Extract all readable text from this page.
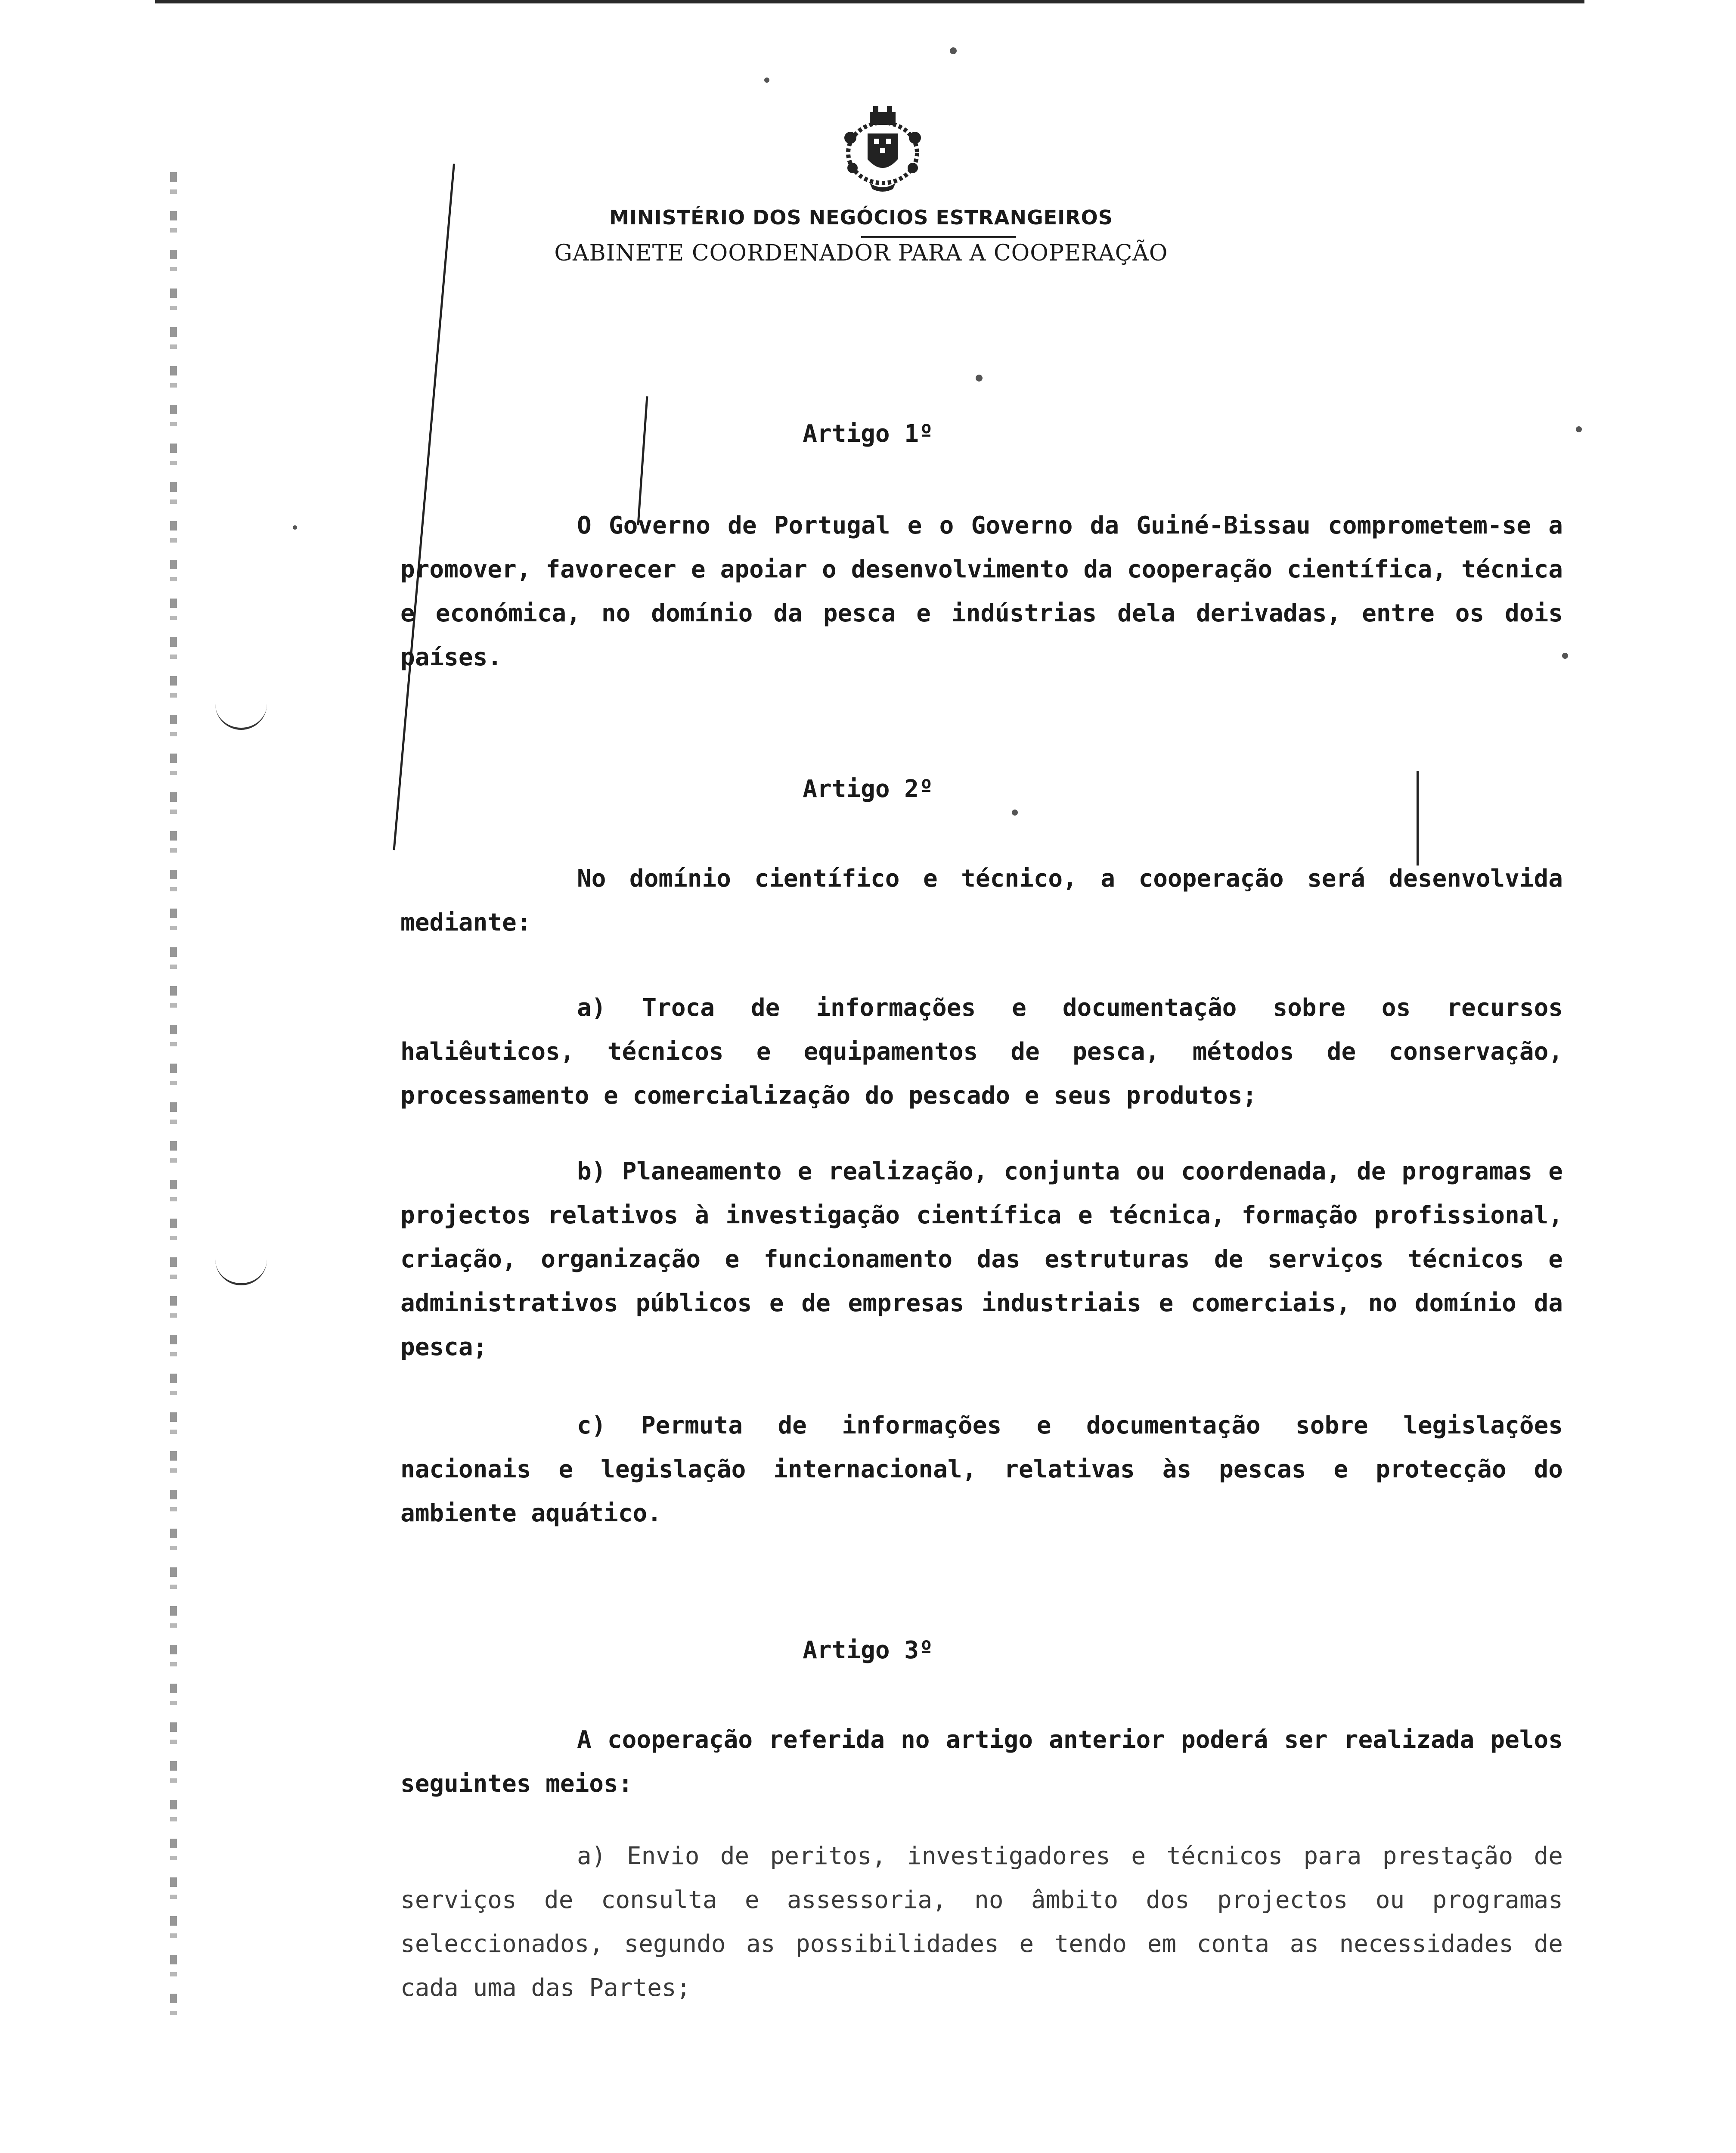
MINISTÉRIO DOS NEGÓCIOS ESTRANGEIROS
GABINETE COORDENADOR PARA A COOPERAÇÃO
Artigo 1º

O Governo de Portugal e o Governo da Guiné-Bissau comprometem-se a promover, favorecer e apoiar o desenvolvimento da cooperação científica, técnica e económica, no domínio da pesca e indústrias dela derivadas, entre os dois países.

Artigo 2º

No domínio científico e técnico, a cooperação será desenvolvida mediante:

a) Troca de informações e documentação sobre os recursos haliêuticos, técnicos e equipamentos de pesca, métodos de conservação, processamento e comercialização do pescado e seus produtos;

b) Planeamento e realização, conjunta ou coordenada, de programas e projectos relativos à investigação científica e técnica, formação profissional, criação, organização e funcionamento das estruturas de serviços técnicos e administrativos públicos e de empresas industriais e comerciais, no domínio da pesca;

c) Permuta de informações e documentação sobre legislações nacionais e legislação internacional, relativas às pescas e protecção do ambiente aquático.

Artigo 3º

A cooperação referida no artigo anterior poderá ser realizada pelos seguintes meios:

a) Envio de peritos, investigadores e técnicos para prestação de serviços de consulta e assessoria, no âmbito dos projectos ou programas seleccionados, segundo as possibilidades e tendo em conta as necessidades de cada uma das Partes;
